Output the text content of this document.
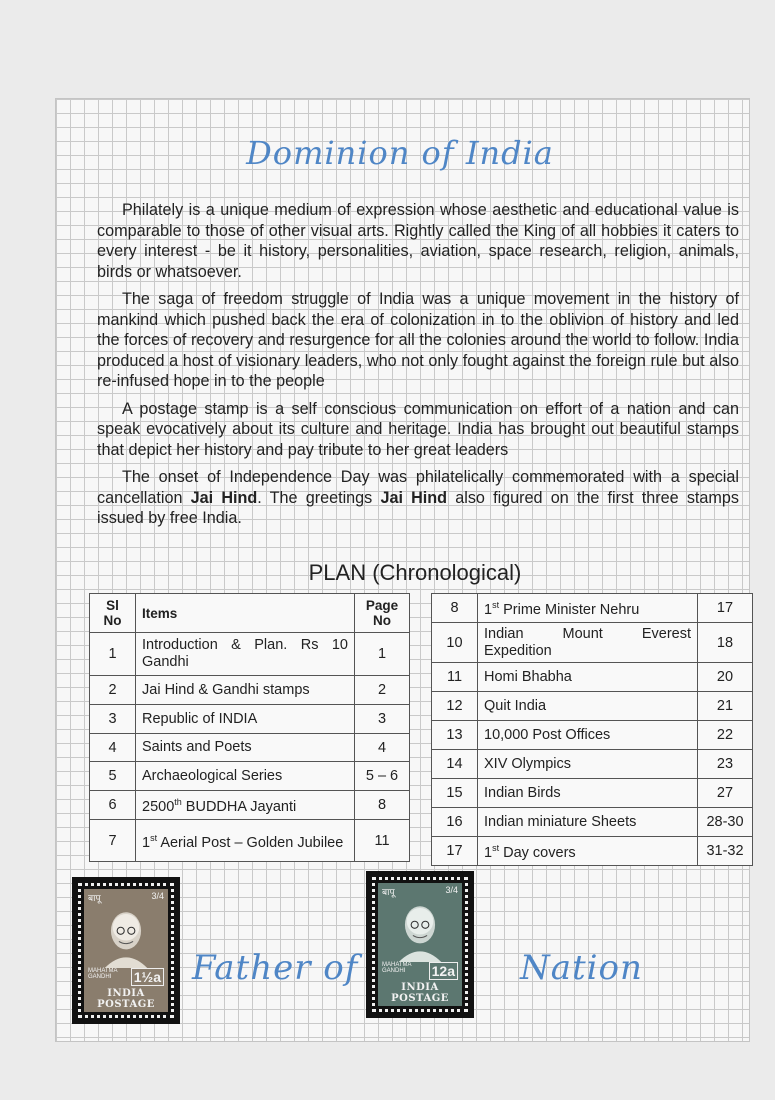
Dominion of India

Philately is a unique medium of expression whose aesthetic and educational value is comparable to those of other visual arts. Rightly called the King of all hobbies it caters to every interest - be it history, personalities, aviation, space research, religion, animals, birds or whatsoever.

The saga of freedom struggle of India was a unique movement in the history of mankind which pushed back the era of colonization in to the oblivion of history and led the forces of recovery and resurgence for all the colonies around the world to follow. India produced a host of visionary leaders, who not only fought against the foreign rule but also re-infused hope in to the people

A postage stamp is a self conscious communication on effort of a nation and can speak evocatively about its culture and heritage. India has brought out beautiful stamps that depict her history and pay tribute to her great leaders

The onset of Independence Day was philatelically commemorated with a special cancellation Jai Hind. The greetings Jai Hind also figured on the first three stamps issued by free India.

PLAN (Chronological)
Sl No	Items	Page No
1	Introduction & Plan. Rs 10 Gandhi	1
2	Jai Hind & Gandhi stamps	2
3	Republic of INDIA	3
4	Saints and Poets	4
5	Archaeological Series	5 – 6
6	2500th BUDDHA Jayanti	8
7	1st Aerial Post – Golden Jubilee	11
8	1st Prime Minister Nehru	17
10	Indian Mount Everest Expedition	18
11	Homi Bhabha	20
12	Quit India	21
13	10,000 Post Offices	22
14	XIV Olympics	23
15	Indian Birds	27
16	Indian miniature Sheets	28-30
17	1st Day covers	31-32
बापू	3/4
MAHATMA GANDHI	1½a
INDIA POSTAGE
बापू	3/4
MAHATMA GANDHI	12a
INDIA POSTAGE
Father of	Nation
